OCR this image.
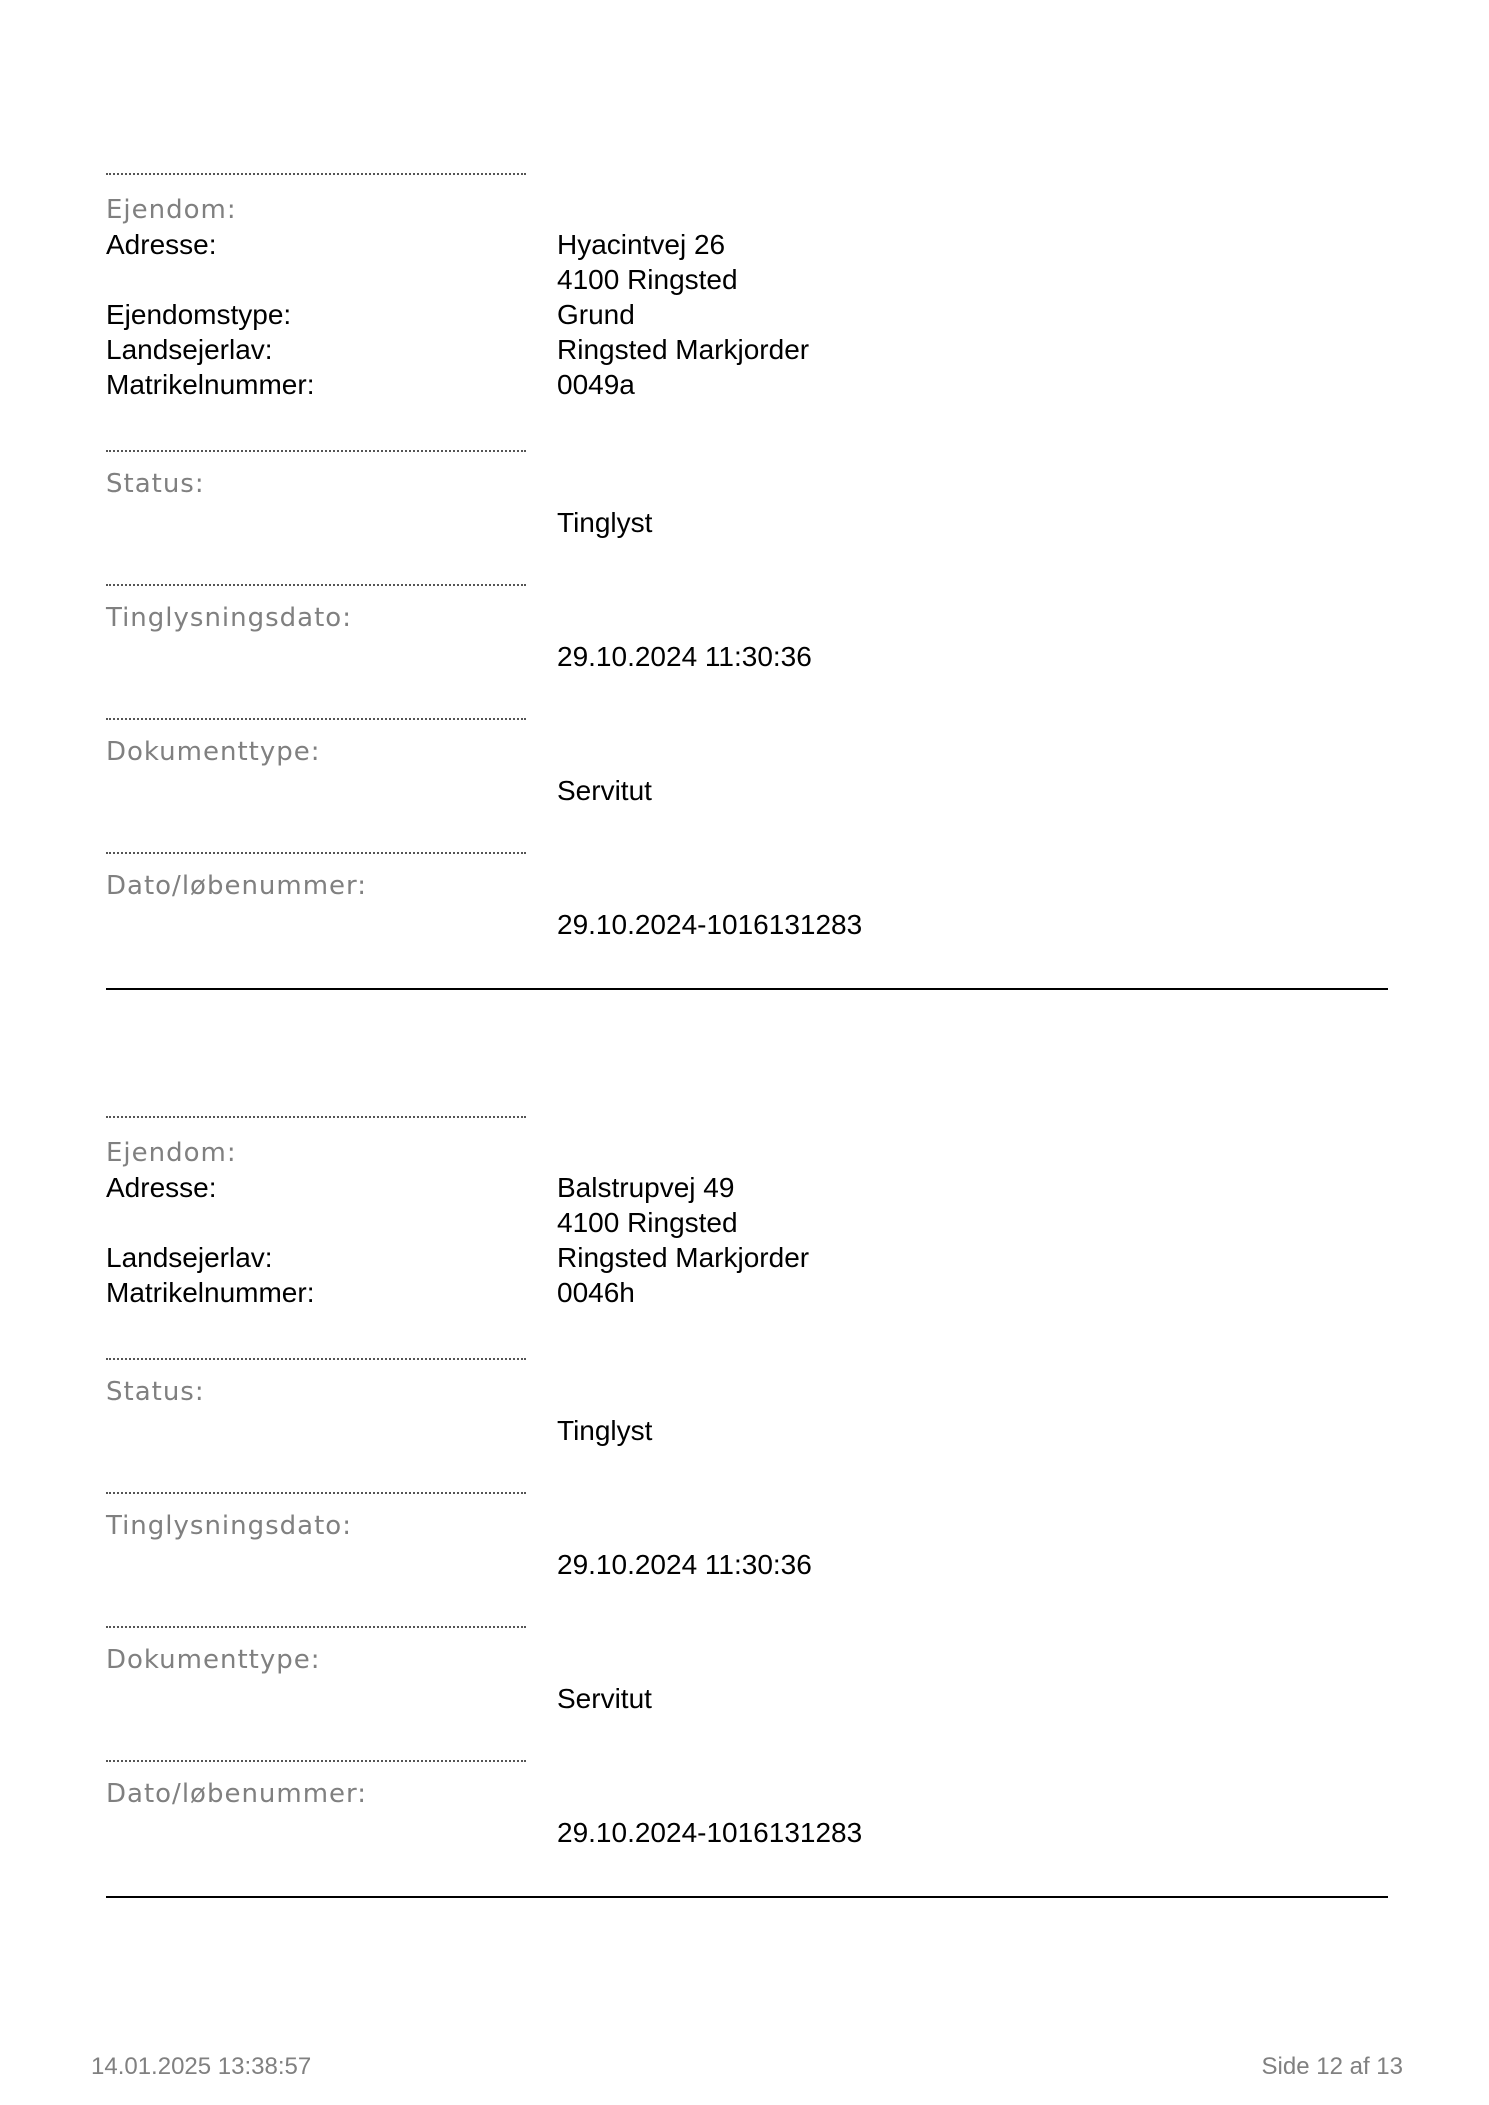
Ejendom:
Adresse:	Hyacintvej 26
4100 Ringsted
Ejendomstype:	Grund
Landsejerlav:	Ringsted Markjorder
Matrikelnummer:	0049a
Status:
Tinglyst
Tinglysningsdato:
29.10.2024 11:30:36
Dokumenttype:
Servitut
Dato/løbenummer:
29.10.2024-1016131283
Ejendom:
Adresse:	Balstrupvej 49
4100 Ringsted
Landsejerlav:	Ringsted Markjorder
Matrikelnummer:	0046h
Status:
Tinglyst
Tinglysningsdato:
29.10.2024 11:30:36
Dokumenttype:
Servitut
Dato/løbenummer:
29.10.2024-1016131283
14.01.2025 13:38:57	Side 12 af 13
